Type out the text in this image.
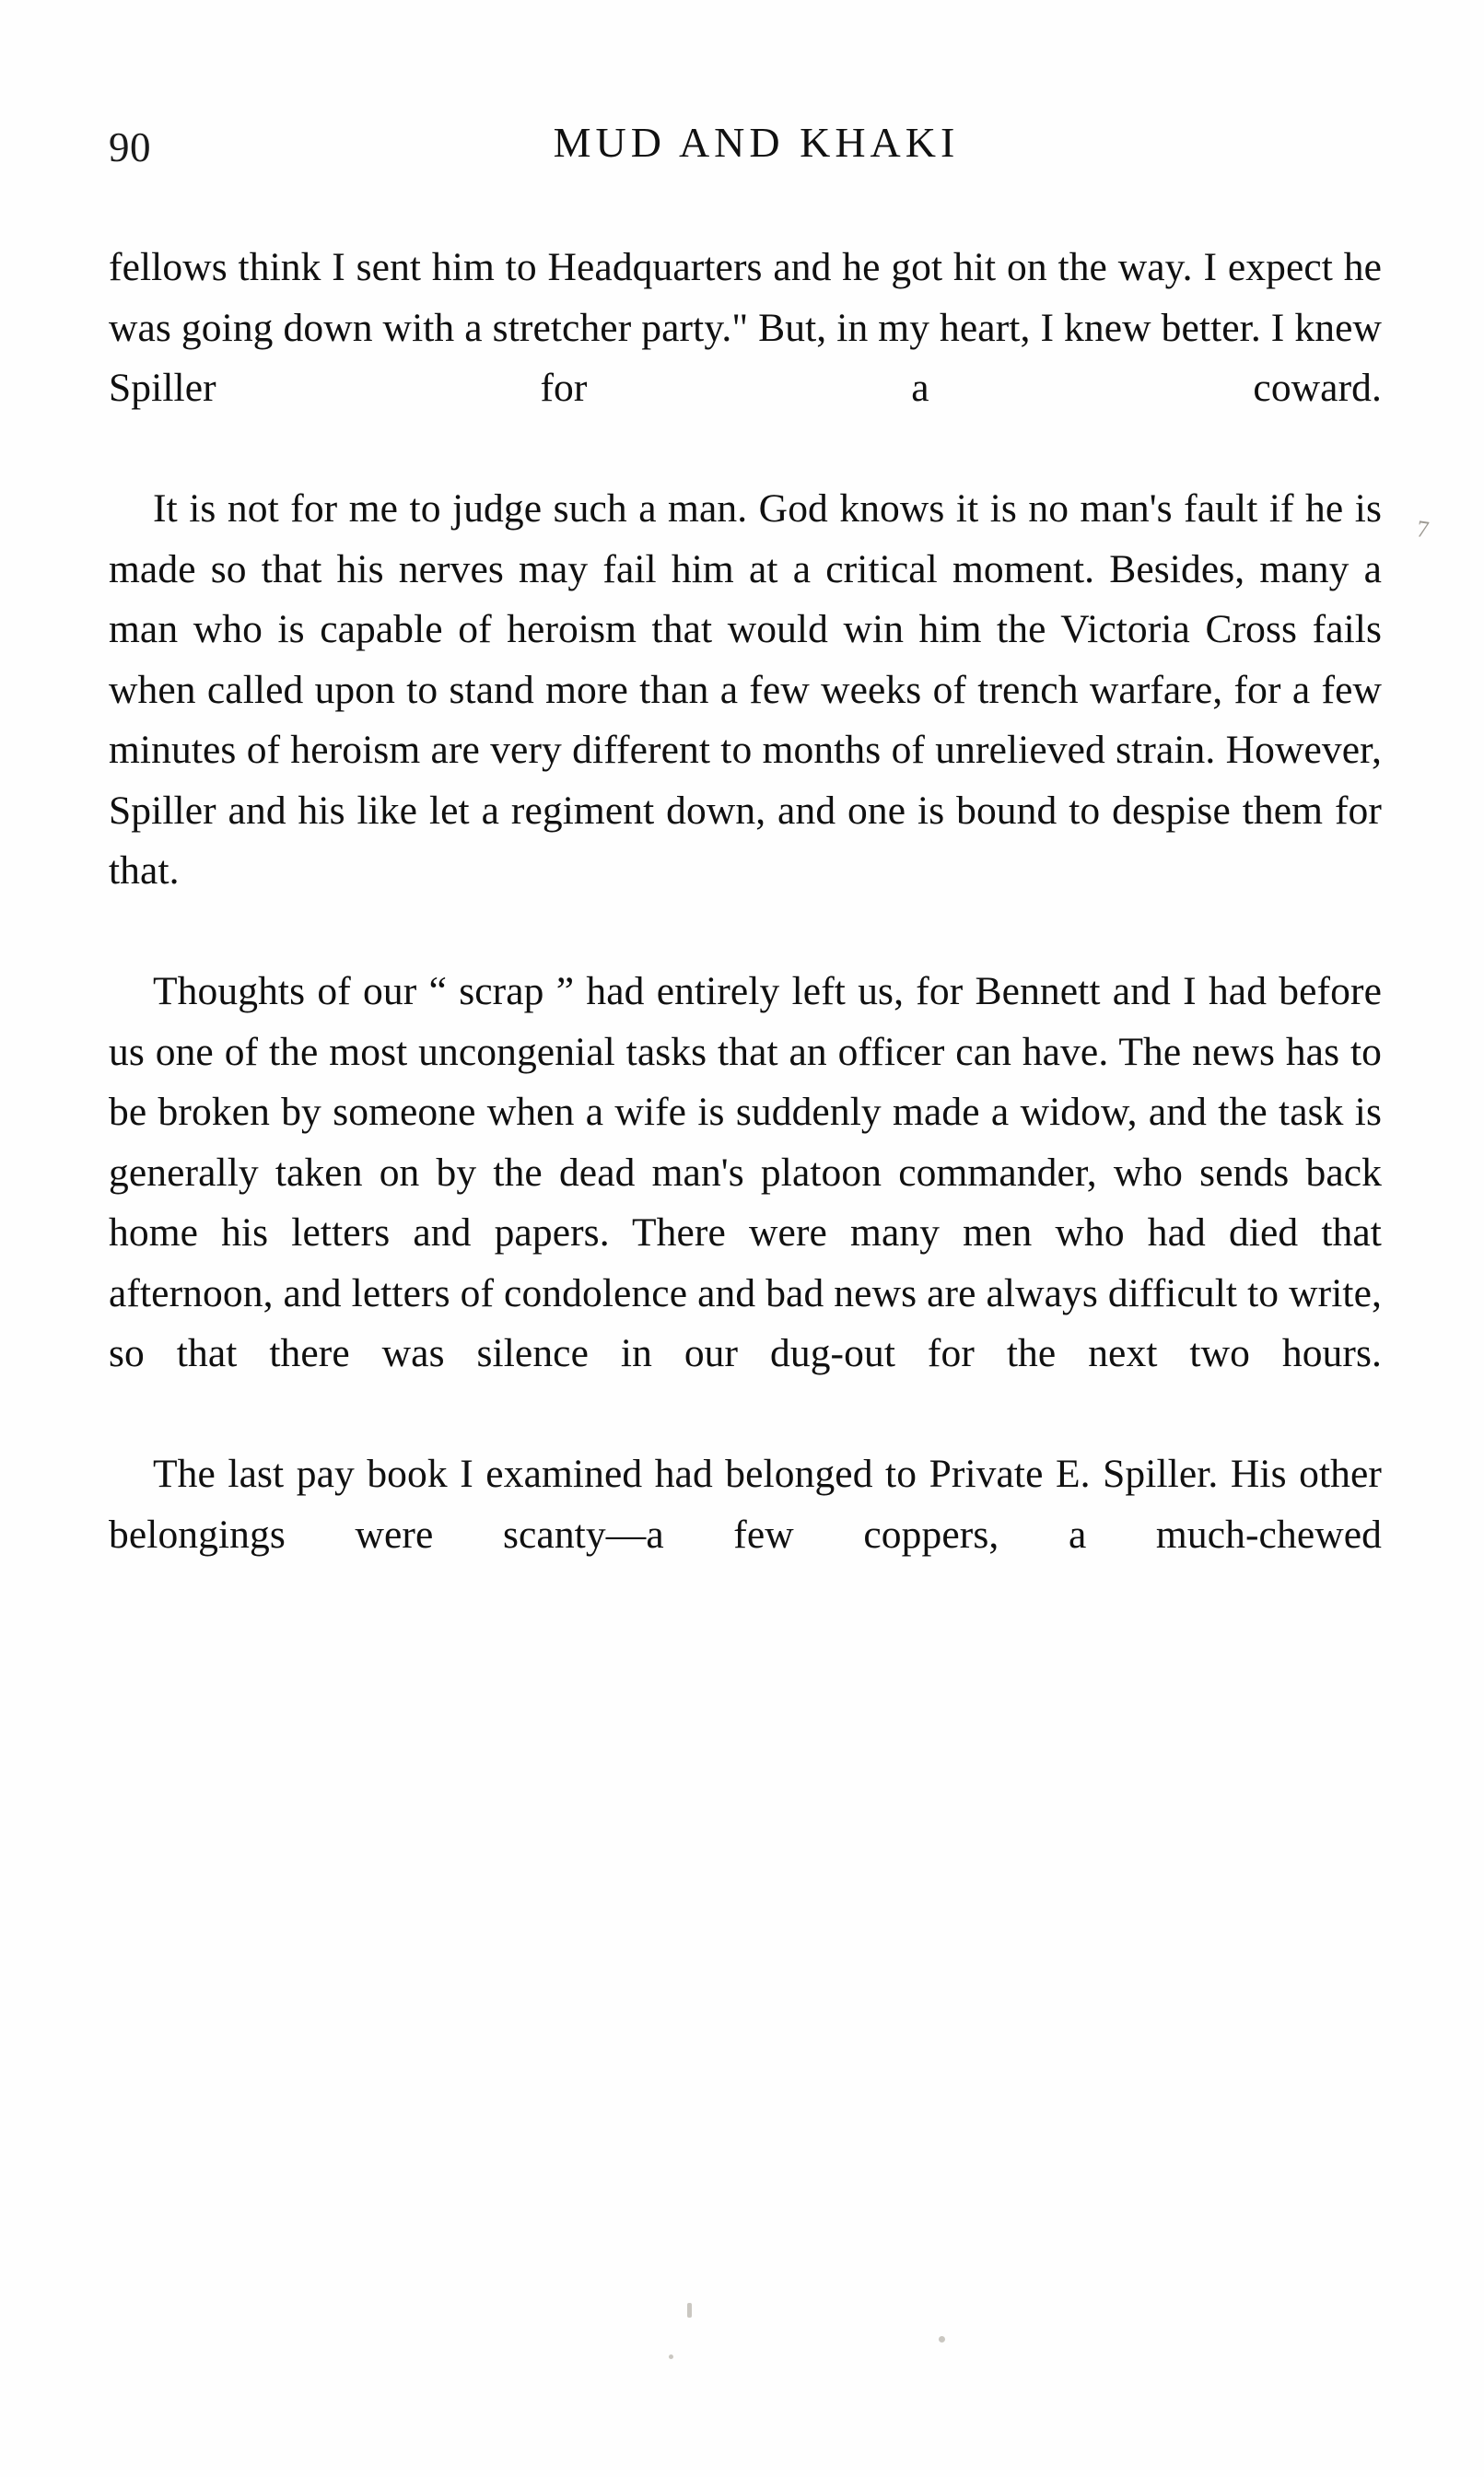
90	MUD AND KHAKI
7

fellows think I sent him to Headquarters and he got hit on the way. I expect he was going down with a stretcher party." But, in my heart, I knew better. I knew Spiller for a coward.

It is not for me to judge such a man. God knows it is no man's fault if he is made so that his nerves may fail him at a critical moment. Besides, many a man who is capable of heroism that would win him the Victoria Cross fails when called upon to stand more than a few weeks of trench warfare, for a few minutes of heroism are very different to months of unrelieved strain. However, Spiller and his like let a regiment down, and one is bound to despise them for that.

Thoughts of our “ scrap ” had entirely left us, for Bennett and I had before us one of the most uncongenial tasks that an officer can have. The news has to be broken by someone when a wife is suddenly made a widow, and the task is generally taken on by the dead man's platoon commander, who sends back home his letters and papers. There were many men who had died that afternoon, and letters of condolence and bad news are always difficult to write, so that there was silence in our dug-out for the next two hours.

The last pay book I examined had belonged to Private E. Spiller. His other belongings were scanty—a few coppers, a much-chewed
